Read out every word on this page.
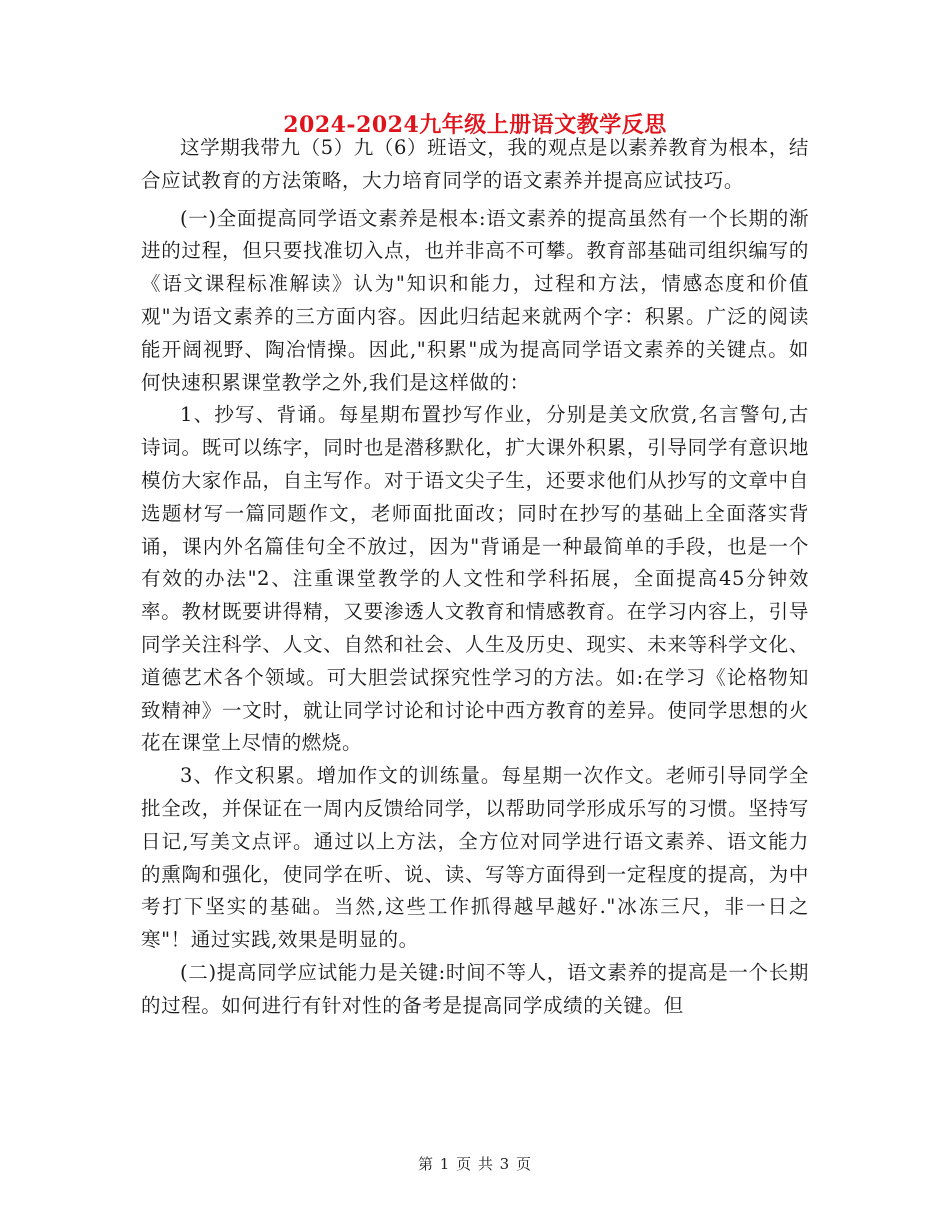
2024-2024九年级上册语文教学反思

这学期我带九（5）九（6）班语文，我的观点是以素养教育为根本，结合应试教育的方法策略，大力培育同学的语文素养并提高应试技巧。

(一)全面提高同学语文素养是根本:语文素养的提高虽然有一个长期的渐进的过程，但只要找准切入点，也并非高不可攀。教育部基础司组织编写的《语文课程标准解读》认为"知识和能力，过程和方法，情感态度和价值观"为语文素养的三方面内容。因此归结起来就两个字：积累。广泛的阅读能开阔视野、陶冶情操。因此,"积累"成为提高同学语文素养的关键点。如何快速积累课堂教学之外,我们是这样做的：

1、抄写、背诵。每星期布置抄写作业，分别是美文欣赏,名言警句,古诗词。既可以练字，同时也是潜移默化，扩大课外积累，引导同学有意识地模仿大家作品，自主写作。对于语文尖子生，还要求他们从抄写的文章中自选题材写一篇同题作文，老师面批面改；同时在抄写的基础上全面落实背诵，课内外名篇佳句全不放过，因为"背诵是一种最简单的手段，也是一个有效的办法"2、注重课堂教学的人文性和学科拓展，全面提高45分钟效率。教材既要讲得精，又要渗透人文教育和情感教育。在学习内容上，引导同学关注科学、人文、自然和社会、人生及历史、现实、未来等科学文化、道德艺术各个领域。可大胆尝试探究性学习的方法。如:在学习《论格物知致精神》一文时，就让同学讨论和讨论中西方教育的差异。使同学思想的火花在课堂上尽情的燃烧。

3、作文积累。增加作文的训练量。每星期一次作文。老师引导同学全批全改，并保证在一周内反馈给同学，以帮助同学形成乐写的习惯。坚持写日记,写美文点评。通过以上方法，全方位对同学进行语文素养、语文能力的熏陶和强化，使同学在听、说、读、写等方面得到一定程度的提高，为中考打下坚实的基础。当然,这些工作抓得越早越好."冰冻三尺，非一日之寒"！通过实践,效果是明显的。

(二)提高同学应试能力是关键:时间不等人，语文素养的提高是一个长期的过程。如何进行有针对性的备考是提高同学成绩的关键。但

第 1 页 共 3 页
